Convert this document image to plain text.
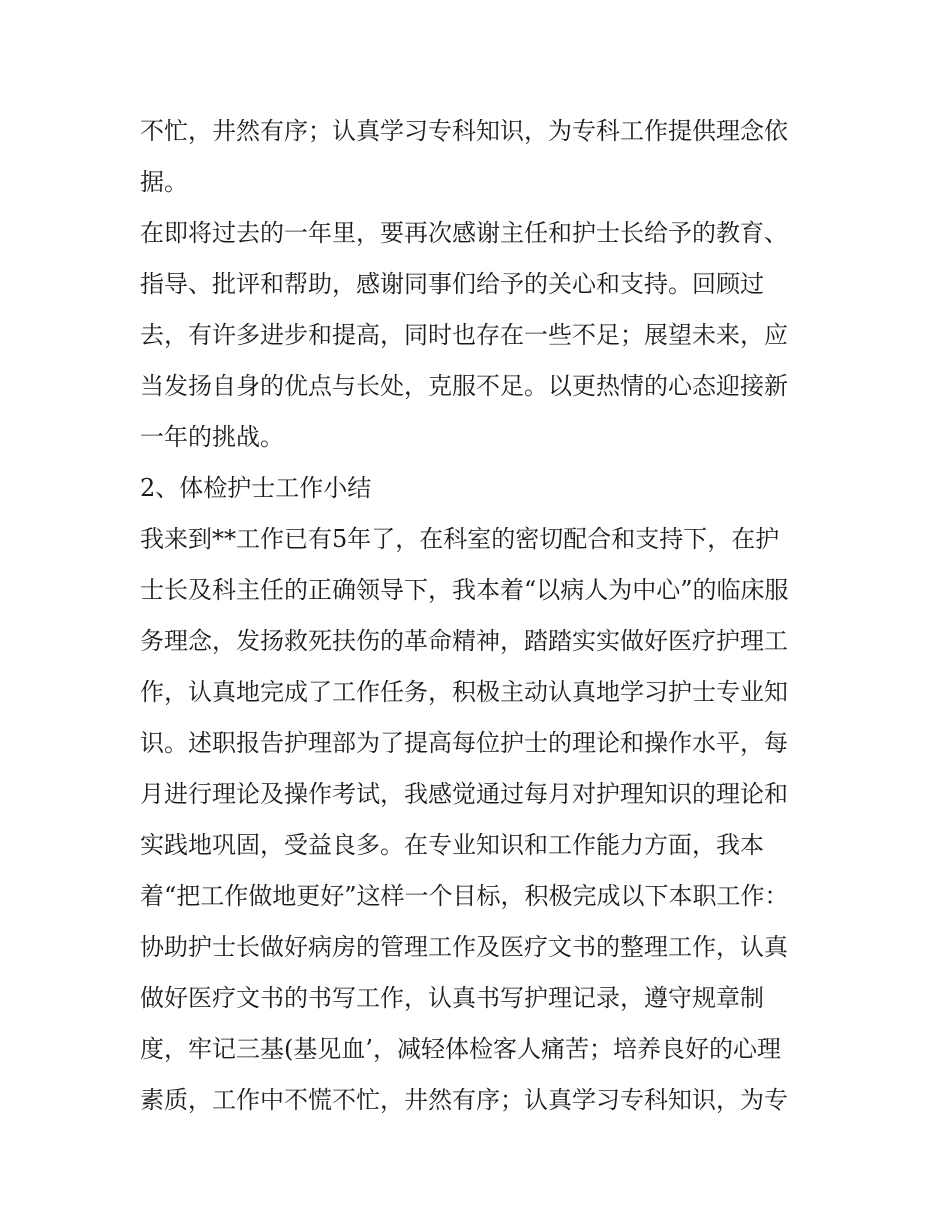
不忙，井然有序；认真学习专科知识，为专科工作提供理念依
据。
在即将过去的一年里，要再次感谢主任和护士长给予的教育、
指导、批评和帮助，感谢同事们给予的关心和支持。回顾过
去，有许多进步和提高，同时也存在一些不足；展望未来，应
当发扬自身的优点与长处，克服不足。以更热情的心态迎接新
一年的挑战。
2、体检护士工作小结
我来到**工作已有5年了，在科室的密切配合和支持下，在护
士长及科主任的正确领导下，我本着“以病人为中心”的临床服
务理念，发扬救死扶伤的革命精神，踏踏实实做好医疗护理工
作，认真地完成了工作任务，积极主动认真地学习护士专业知
识。述职报告护理部为了提高每位护士的理论和操作水平，每
月进行理论及操作考试，我感觉通过每月对护理知识的理论和
实践地巩固，受益良多。在专业知识和工作能力方面，我本
着“把工作做地更好”这样一个目标，积极完成以下本职工作：
协助护士长做好病房的管理工作及医疗文书的整理工作，认真
做好医疗文书的书写工作，认真书写护理记录，遵守规章制
度，牢记三基(基见血’，减轻体检客人痛苦；培养良好的心理
素质，工作中不慌不忙，井然有序；认真学习专科知识，为专
